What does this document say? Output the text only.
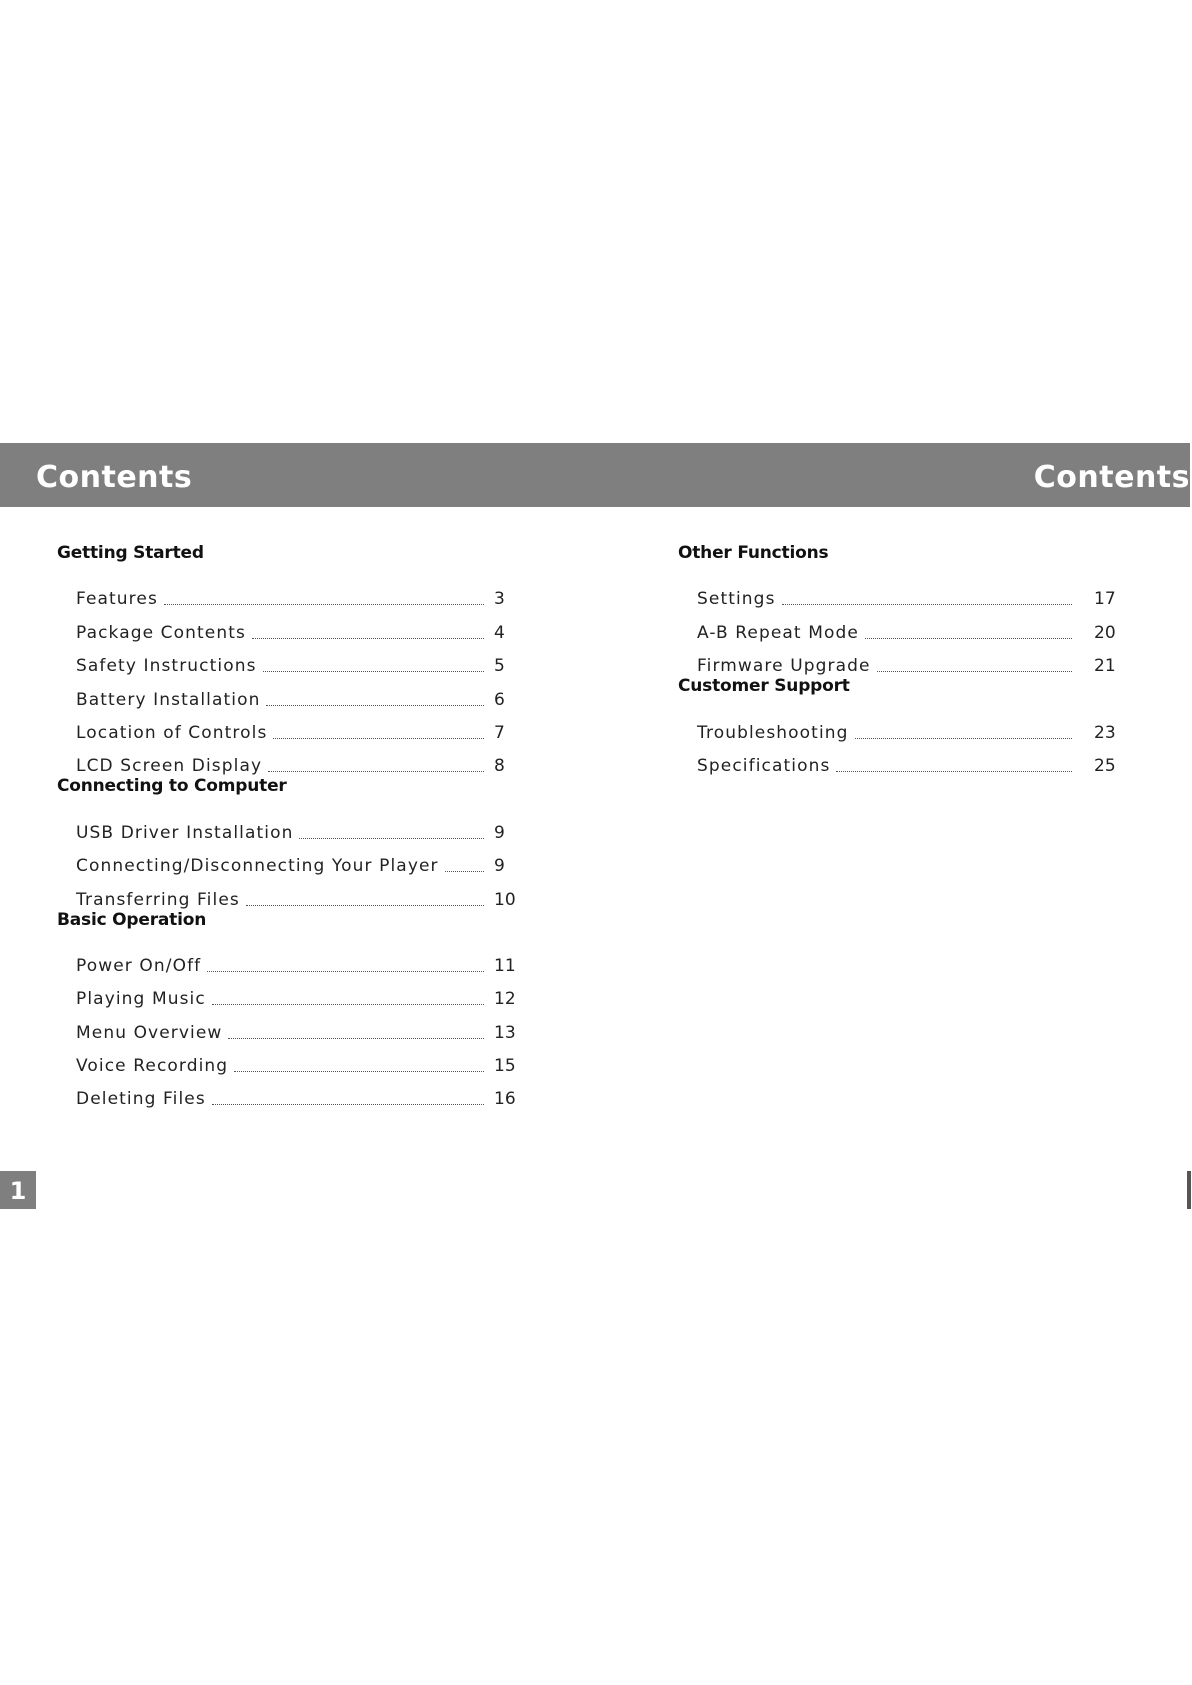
Contents	Contents
Getting Started
Features	3
Package Contents	4
Safety Instructions	5
Battery Installation	6
Location of Controls	7
LCD Screen Display	8
Connecting to Computer
USB Driver Installation	9
Connecting/Disconnecting Your Player	9
Transferring Files	10
Basic Operation
Power On/Off	11
Playing Music	12
Menu Overview	13
Voice Recording	15
Deleting Files	16
Other Functions
Settings	17
A-B Repeat Mode	20
Firmware Upgrade	21
Customer Support
Troubleshooting	23
Specifications	25
1
